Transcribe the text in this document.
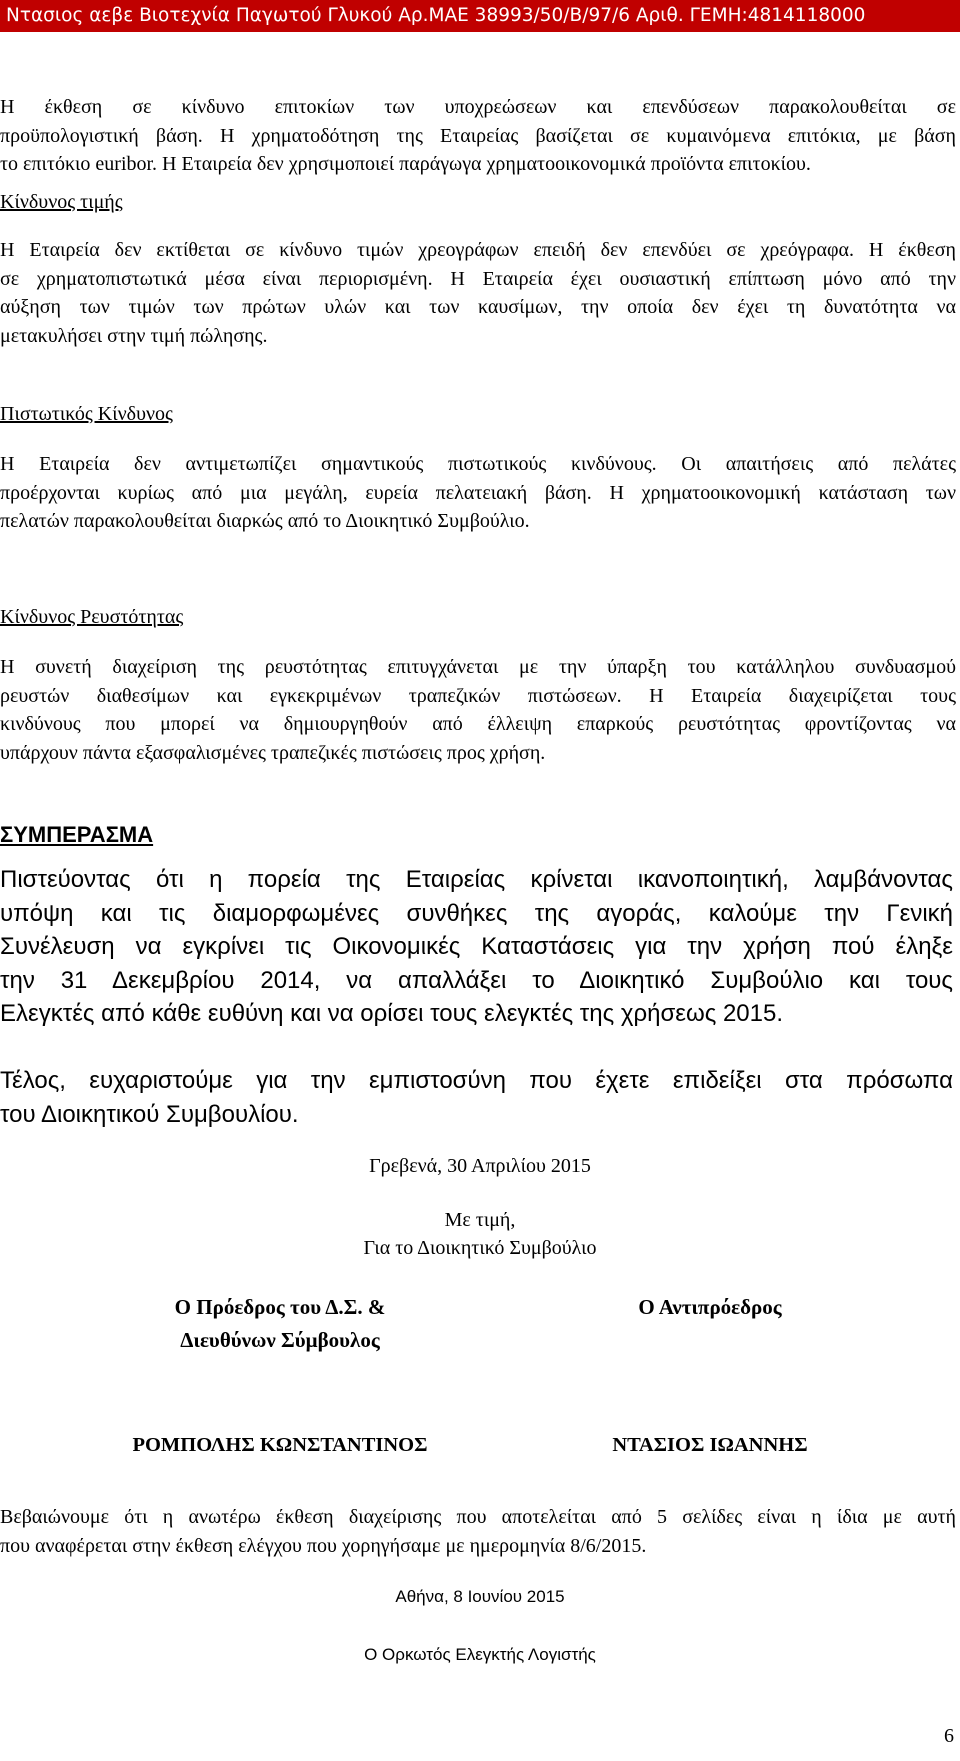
Ντασιος αεβε Βιοτεχνία Παγωτού Γλυκού Αρ.ΜΑΕ 38993/50/Β/97/6 Αριθ. ΓΕΜΗ:4814118000
Η έκθεση σε κίνδυνο επιτοκίων των υποχρεώσεων και επενδύσεων παρακολουθείται σε
προϋπολογιστική βάση. Η χρηματοδότηση της Εταιρείας βασίζεται σε κυμαινόμενα επιτόκια, με βάση
το επιτόκιο euribor. Η Εταιρεία δεν χρησιμοποιεί παράγωγα χρηματοοικονομικά προϊόντα επιτοκίου.
Κίνδυνος τιμής
Η Εταιρεία δεν εκτίθεται σε κίνδυνο τιμών χρεογράφων επειδή δεν επενδύει σε χρεόγραφα. Η έκθεση
σε χρηματοπιστωτικά μέσα είναι περιορισμένη. Η Εταιρεία έχει ουσιαστική επίπτωση μόνο από την
αύξηση των τιμών των πρώτων υλών και των καυσίμων, την οποία δεν έχει τη δυνατότητα να
μετακυλήσει στην τιμή πώλησης.
Πιστωτικός Κίνδυνος
Η Εταιρεία δεν αντιμετωπίζει σημαντικούς πιστωτικούς κινδύνους. Οι απαιτήσεις από πελάτες
προέρχονται κυρίως από μια μεγάλη, ευρεία πελατειακή βάση. Η χρηματοοικονομική κατάσταση των
πελατών παρακολουθείται διαρκώς από το Διοικητικό Συμβούλιο.
Κίνδυνος Ρευστότητας
Η συνετή διαχείριση της ρευστότητας επιτυγχάνεται με την ύπαρξη του κατάλληλου συνδυασμού
ρευστών διαθεσίμων και εγκεκριμένων τραπεζικών πιστώσεων. Η Εταιρεία διαχειρίζεται τους
κινδύνους που μπορεί να δημιουργηθούν από έλλειψη επαρκούς ρευστότητας φροντίζοντας να
υπάρχουν πάντα εξασφαλισμένες τραπεζικές πιστώσεις προς χρήση.
ΣΥΜΠΕΡΑΣΜΑ
Πιστεύοντας ότι η πορεία της Εταιρείας κρίνεται ικανοποιητική, λαμβάνοντας
υπόψη και τις διαμορφωμένες συνθήκες της αγοράς, καλούμε την Γενική
Συνέλευση να εγκρίνει τις Οικονομικές Καταστάσεις για την χρήση πού έληξε
την 31 Δεκεμβρίου 2014, να απαλλάξει το Διοικητικό Συμβούλιο και τους
Ελεγκτές από κάθε ευθύνη και να ορίσει τους ελεγκτές της χρήσεως 2015.
Τέλος, ευχαριστούμε για την εμπιστοσύνη που έχετε επιδείξει στα πρόσωπα
του Διοικητικού Συμβουλίου.
Γρεβενά, 30 Απριλίου 2015
Με τιμή,
Για το Διοικητικό Συμβούλιο
Ο Πρόεδρος του Δ.Σ. &
Διευθύνων Σύμβουλος
Ο Αντιπρόεδρος
ΡΟΜΠΟΛΗΣ ΚΩΝΣΤΑΝΤΙΝΟΣ	ΝΤΑΣΙΟΣ ΙΩΑΝΝΗΣ
Βεβαιώνουμε ότι η ανωτέρω έκθεση διαχείρισης που αποτελείται από 5 σελίδες είναι η ίδια με αυτή
που αναφέρεται στην έκθεση ελέγχου που χορηγήσαμε με ημερομηνία 8/6/2015.
Αθήνα, 8 Ιουνίου 2015
Ο Ορκωτός Ελεγκτής Λογιστής
6
